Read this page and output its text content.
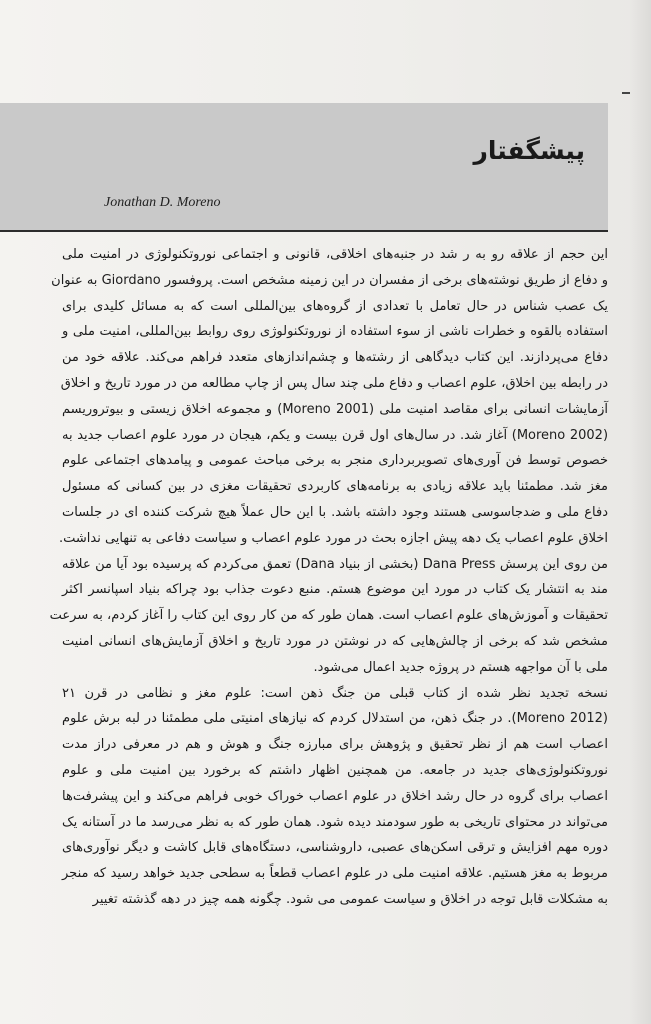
پیشگفتار
Jonathan D. Moreno
این حجم از علاقه رو به ر شد در جنبه‌های اخلاقی، قانونی و اجتماعی نوروتکنولوژی در امنیت ملی
و دفاع از طریق نوشته‌های برخی از مفسران در این زمینه مشخص است. پروفسور Giordano به عنوان
یک عصب شناس در حال تعامل با تعدادی از گروه‌های بین‌المللی است که به مسائل کلیدی برای
استفاده بالقوه و خطرات ناشی از سوء استفاده از نوروتکنولوژی روی روابط بین‌المللی، امنیت ملی و
دفاع می‌پردازند. این کتاب دیدگاهی از رشته‌ها و چشم‌اندازهای متعدد فراهم می‌کند. علاقه خود من
در رابطه بین اخلاق، علوم اعصاب و دفاع ملی چند سال پس از چاپ مطالعه من در مورد تاریخ و اخلاق
آزمایشات انسانی برای مقاصد امنیت ملی (Moreno 2001) و مجموعه اخلاق زیستی و بیوتروریسم
(Moreno 2002) آغاز شد. در سال‌های اول قرن بیست و یکم، هیجان در مورد علوم اعصاب جدید به
خصوص توسط فن آوری‌های تصویربرداری منجر به برخی مباحث عمومی و پیامدهای اجتماعی علوم
مغز شد. مطمئنا باید علاقه زیادی به برنامه‌های کاربردی تحقیقات مغزی در بین کسانی که مسئول
دفاع ملی و ضدجاسوسی هستند وجود داشته باشد. با این حال عملاً هیچ شرکت کننده ای در جلسات
اخلاق علوم اعصاب یک دهه پیش اجازه بحث در مورد علوم اعصاب و سیاست دفاعی به تنهایی نداشت.
من روی این پرسش Dana Press (بخشی از بنیاد Dana) تعمق می‌کردم که پرسیده بود آیا من علاقه
مند به انتشار یک کتاب در مورد این موضوع هستم. منبع دعوت جذاب بود چراکه بنیاد اسپانسر اکثر
تحقیقات و آموزش‌های علوم اعصاب است. همان طور که من کار روی این کتاب را آغاز کردم، به سرعت
مشخص شد که برخی از چالش‌هایی که در نوشتن در مورد تاریخ و اخلاق آزمایش‌های انسانی امنیت
ملی با آن مواجهه هستم در پروژه جدید اعمال می‌شود.
نسخه تجدید نظر شده از کتاب قبلی من جنگ ذهن است: علوم مغز و نظامی در قرن ۲۱
(Moreno 2012). در جنگ ذهن، من استدلال کردم که نیازهای امنیتی ملی مطمئنا در لبه برش علوم
اعصاب است هم از نظر تحقیق و پژوهش برای مبارزه جنگ و هوش و هم در معرفی دراز مدت
نوروتکنولوژی‌های جدید در جامعه. من همچنین اظهار داشتم که برخورد بین امنیت ملی و علوم
اعصاب برای گروه در حال رشد اخلاق در علوم اعصاب خوراک خوبی فراهم می‌کند و این پیشرفت‌ها
می‌تواند در محتوای تاریخی به طور سودمند دیده شود. همان طور که به نظر می‌رسد ما در آستانه یک
دوره مهم افزایش و ترقی اسکن‌های عصبی، داروشناسی، دستگاه‌های قابل کاشت و دیگر نوآوری‌های
مربوط به مغز هستیم. علاقه امنیت ملی در علوم اعصاب قطعاً به سطحی جدید خواهد رسید که منجر
به مشکلات قابل توجه در اخلاق و سیاست عمومی می شود. چگونه همه چیز در دهه گذشته تغییر
